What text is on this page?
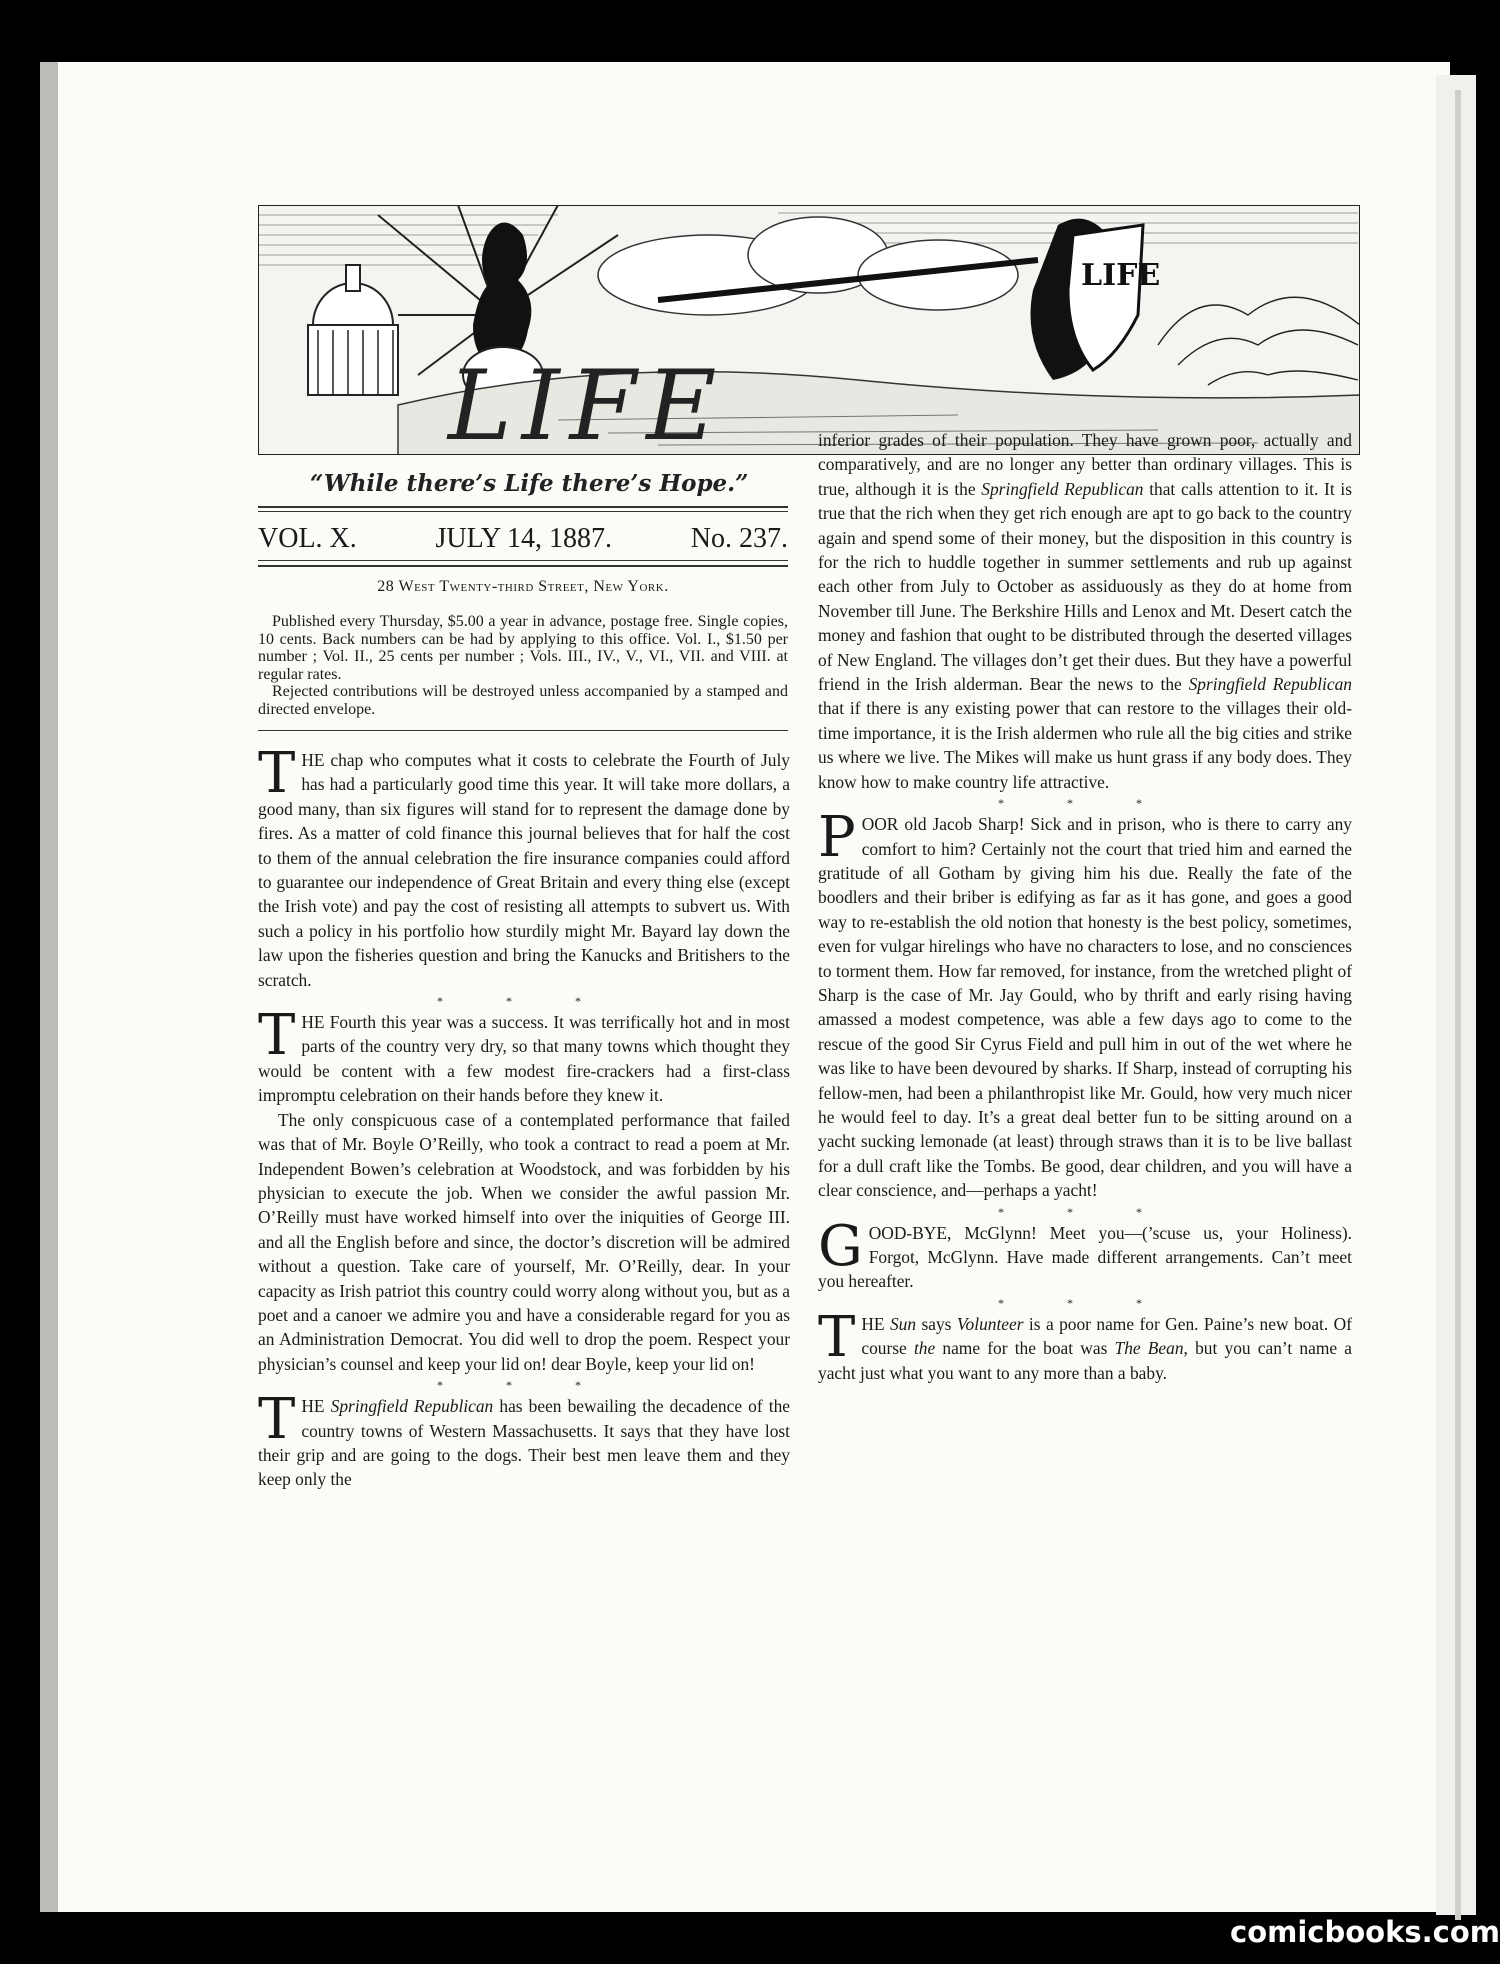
LIFE
LIFE
“While there’s Life there’s Hope.”
VOL. X.	JULY 14, 1887.	No. 237.
28 West Twenty-third Street, New York.

Published every Thursday, $5.00 a year in advance, postage free. Single copies, 10 cents. Back numbers can be had by applying to this office. Vol. I., $1.50 per number ; Vol. II., 25 cents per number ; Vols. III., IV., V., VI., VII. and VIII. at regular rates.

Rejected contributions will be destroyed unless accompanied by a stamped and directed envelope.

THE chap who computes what it costs to celebrate the Fourth of July has had a particularly good time this year. It will take more dollars, a good many, than six figures will stand for to represent the damage done by fires. As a matter of cold finance this journal believes that for half the cost to them of the annual celebration the fire insurance companies could afford to guarantee our independence of Great Britain and every thing else (except the Irish vote) and pay the cost of resisting all attempts to subvert us. With such a policy in his portfolio how sturdily might Mr. Bayard lay down the law upon the fisheries question and bring the Kanucks and Britishers to the scratch.

* * *

THE Fourth this year was a success. It was terrifically hot and in most parts of the country very dry, so that many towns which thought they would be content with a few modest fire-crackers had a first-class impromptu celebration on their hands before they knew it.

The only conspicuous case of a contemplated performance that failed was that of Mr. Boyle O’Reilly, who took a contract to read a poem at Mr. Independent Bowen’s celebration at Woodstock, and was forbidden by his physician to execute the job. When we consider the awful passion Mr. O’Reilly must have worked himself into over the iniquities of George III. and all the English before and since, the doctor’s discretion will be admired without a question. Take care of yourself, Mr. O’Reilly, dear. In your capacity as Irish patriot this country could worry along without you, but as a poet and a canoer we admire you and have a considerable regard for you as an Administration Democrat. You did well to drop the poem. Respect your physician’s counsel and keep your lid on! dear Boyle, keep your lid on!

* * *

THE Springfield Republican has been bewailing the decadence of the country towns of Western Massachusetts. It says that they have lost their grip and are going to the dogs. Their best men leave them and they keep only the

inferior grades of their population. They have grown poor, actually and comparatively, and are no longer any better than ordinary villages. This is true, although it is the Springfield Republican that calls attention to it. It is true that the rich when they get rich enough are apt to go back to the country again and spend some of their money, but the disposition in this country is for the rich to huddle together in summer settlements and rub up against each other from July to October as assiduously as they do at home from November till June. The Berkshire Hills and Lenox and Mt. Desert catch the money and fashion that ought to be distributed through the deserted villages of New England. The villages don’t get their dues. But they have a powerful friend in the Irish alderman. Bear the news to the Springfield Republican that if there is any existing power that can restore to the villages their old-time importance, it is the Irish aldermen who rule all the big cities and strike us where we live. The Mikes will make us hunt grass if any body does. They know how to make country life attractive.

* * *

POOR old Jacob Sharp! Sick and in prison, who is there to carry any comfort to him? Certainly not the court that tried him and earned the gratitude of all Gotham by giving him his due. Really the fate of the boodlers and their briber is edifying as far as it has gone, and goes a good way to re-establish the old notion that honesty is the best policy, sometimes, even for vulgar hirelings who have no characters to lose, and no consciences to torment them. How far removed, for instance, from the wretched plight of Sharp is the case of Mr. Jay Gould, who by thrift and early rising having amassed a modest competence, was able a few days ago to come to the rescue of the good Sir Cyrus Field and pull him in out of the wet where he was like to have been devoured by sharks. If Sharp, instead of corrupting his fellow-men, had been a philanthropist like Mr. Gould, how very much nicer he would feel to day. It’s a great deal better fun to be sitting around on a yacht sucking lemonade (at least) through straws than it is to be live ballast for a dull craft like the Tombs. Be good, dear children, and you will have a clear conscience, and—perhaps a yacht!

* * *

GOOD-BYE, McGlynn! Meet you—(’scuse us, your Holiness). Forgot, McGlynn. Have made different arrangements. Can’t meet you hereafter.

* * *

THE Sun says Volunteer is a poor name for Gen. Paine’s new boat. Of course the name for the boat was The Bean, but you can’t name a yacht just what you want to any more than a baby.

comicbooks.com
